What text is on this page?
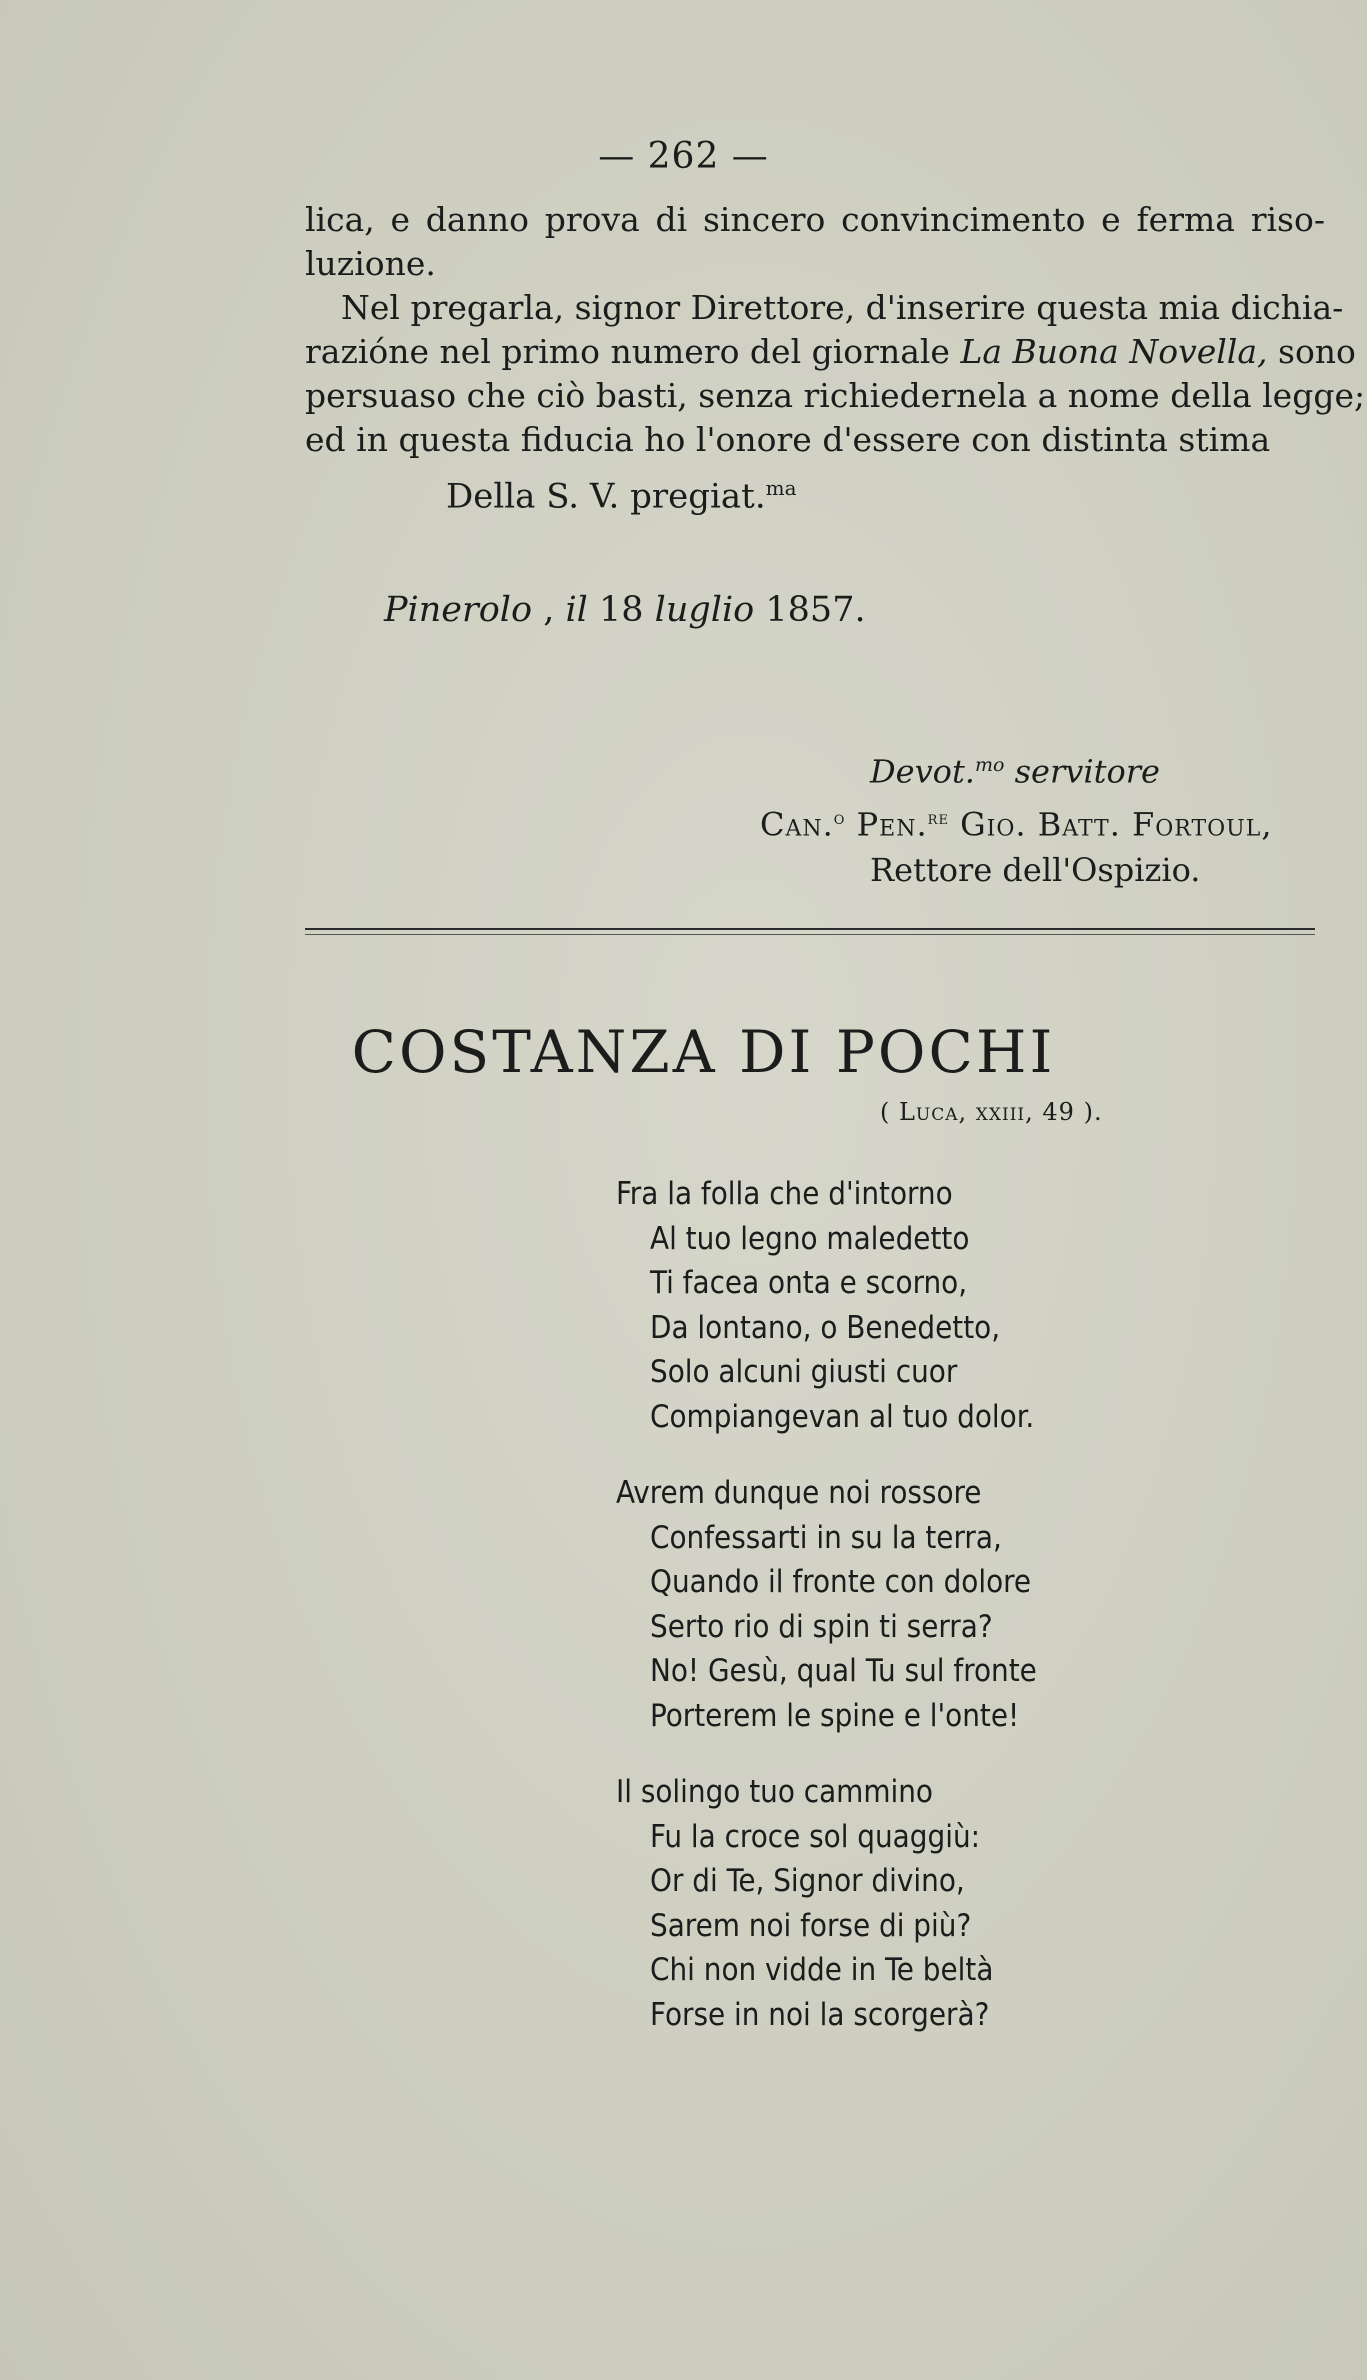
— 262 —
lica, e danno prova di sincero convincimento e ferma riso-
luzione.
Nel pregarla, signor Direttore, d'inserire questa mia dichia-
razióne nel primo numero del giornale La Buona Novella, sono
persuaso che ciò basti, senza richiedernela a nome della legge;
ed in questa fiducia ho l'onore d'essere con distinta stima
Della S. V. pregiat.$^{ma}$
Pinerolo , il 18 luglio 1857.
Devot.$^{mo}$ servitore
Can.$^o$ Pen.$^{re}$ Gio. Batt. Fortoul,
Rettore dell'Ospizio.
COSTANZA DI POCHI
( Luca, xxiii, 49 ).
Fra la folla che d'intorno
Al tuo legno maledetto
Ti facea onta e scorno,
Da lontano, o Benedetto,
Solo alcuni giusti cuor
Compiangevan al tuo dolor.
Avrem dunque noi rossore
Confessarti in su la terra,
Quando il fronte con dolore
Serto rio di spin ti serra?
No! Gesù, qual Tu sul fronte
Porterem le spine e l'onte!
Il solingo tuo cammino
Fu la croce sol quaggiù:
Or di Te, Signor divino,
Sarem noi forse di più?
Chi non vidde in Te beltà
Forse in noi la scorgerà?
